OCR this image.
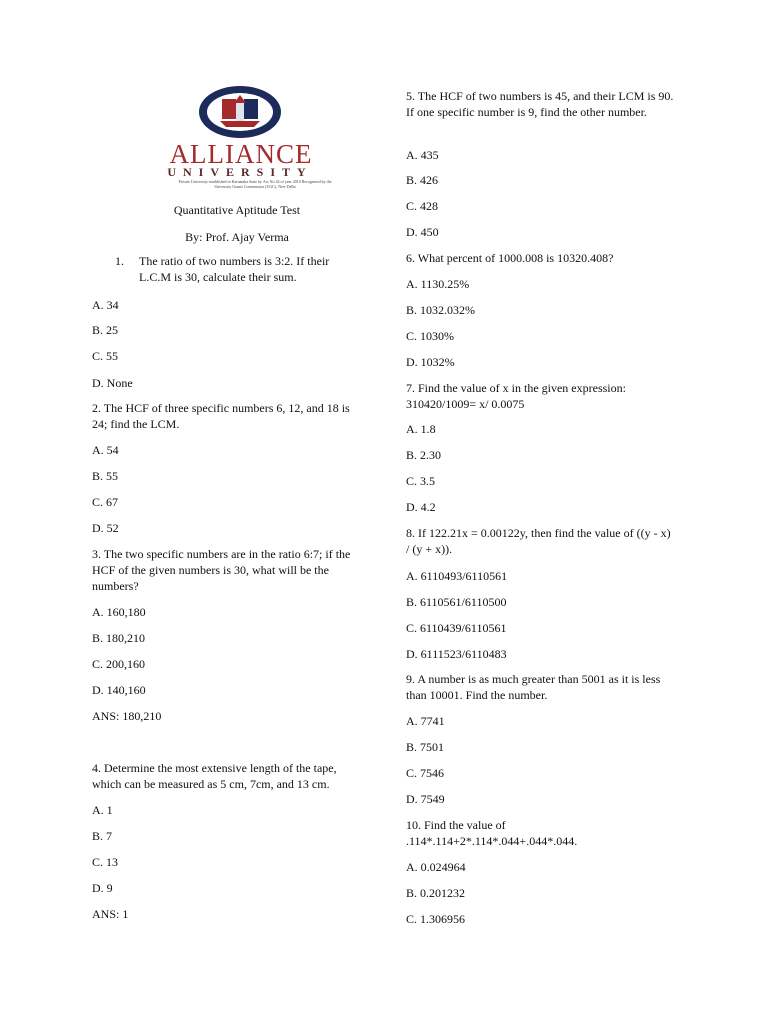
ALLIANCE
UNIVERSITY
Private University established in Karnataka State by Act No.34 of year 2010 Recognized by the University Grants Commission (UGC), New Delhi
Quantitative Aptitude Test
By: Prof. Ajay Verma
1. The ratio of two numbers is 3:2. If their L.C.M is 30, calculate their sum.
A. 34
B. 25
C. 55
D. None
2. The HCF of three specific numbers 6, 12, and 18 is 24; find the LCM.
A. 54
B. 55
C. 67
D. 52
3. The two specific numbers are in the ratio 6:7; if the HCF of the given numbers is 30, what will be the numbers?
A. 160,180
B. 180,210
C. 200,160
D. 140,160
ANS: 180,210
4. Determine the most extensive length of the tape, which can be measured as 5 cm, 7cm, and 13 cm.
A. 1
B. 7
C. 13
D. 9
ANS: 1
5. The HCF of two numbers is 45, and their LCM is 90. If one specific number is 9, find the other number.
A. 435
B. 426
C. 428
D. 450
6. What percent of 1000.008 is 10320.408?
A. 1130.25%
B. 1032.032%
C. 1030%
D. 1032%
7. Find the value of x in the given expression: 310420/1009= x/ 0.0075
A. 1.8
B. 2.30
C. 3.5
D. 4.2
8. If 122.21x = 0.00122y, then find the value of ((y - x) / (y + x)).
A. 6110493/6110561
B. 6110561/6110500
C. 6110439/6110561
D. 6111523/6110483
9. A number is as much greater than 5001 as it is less than 10001. Find the number.
A. 7741
B. 7501
C. 7546
D. 7549
10. Find the value of .114*.114+2*.114*.044+.044*.044.
A. 0.024964
B. 0.201232
C. 1.306956
